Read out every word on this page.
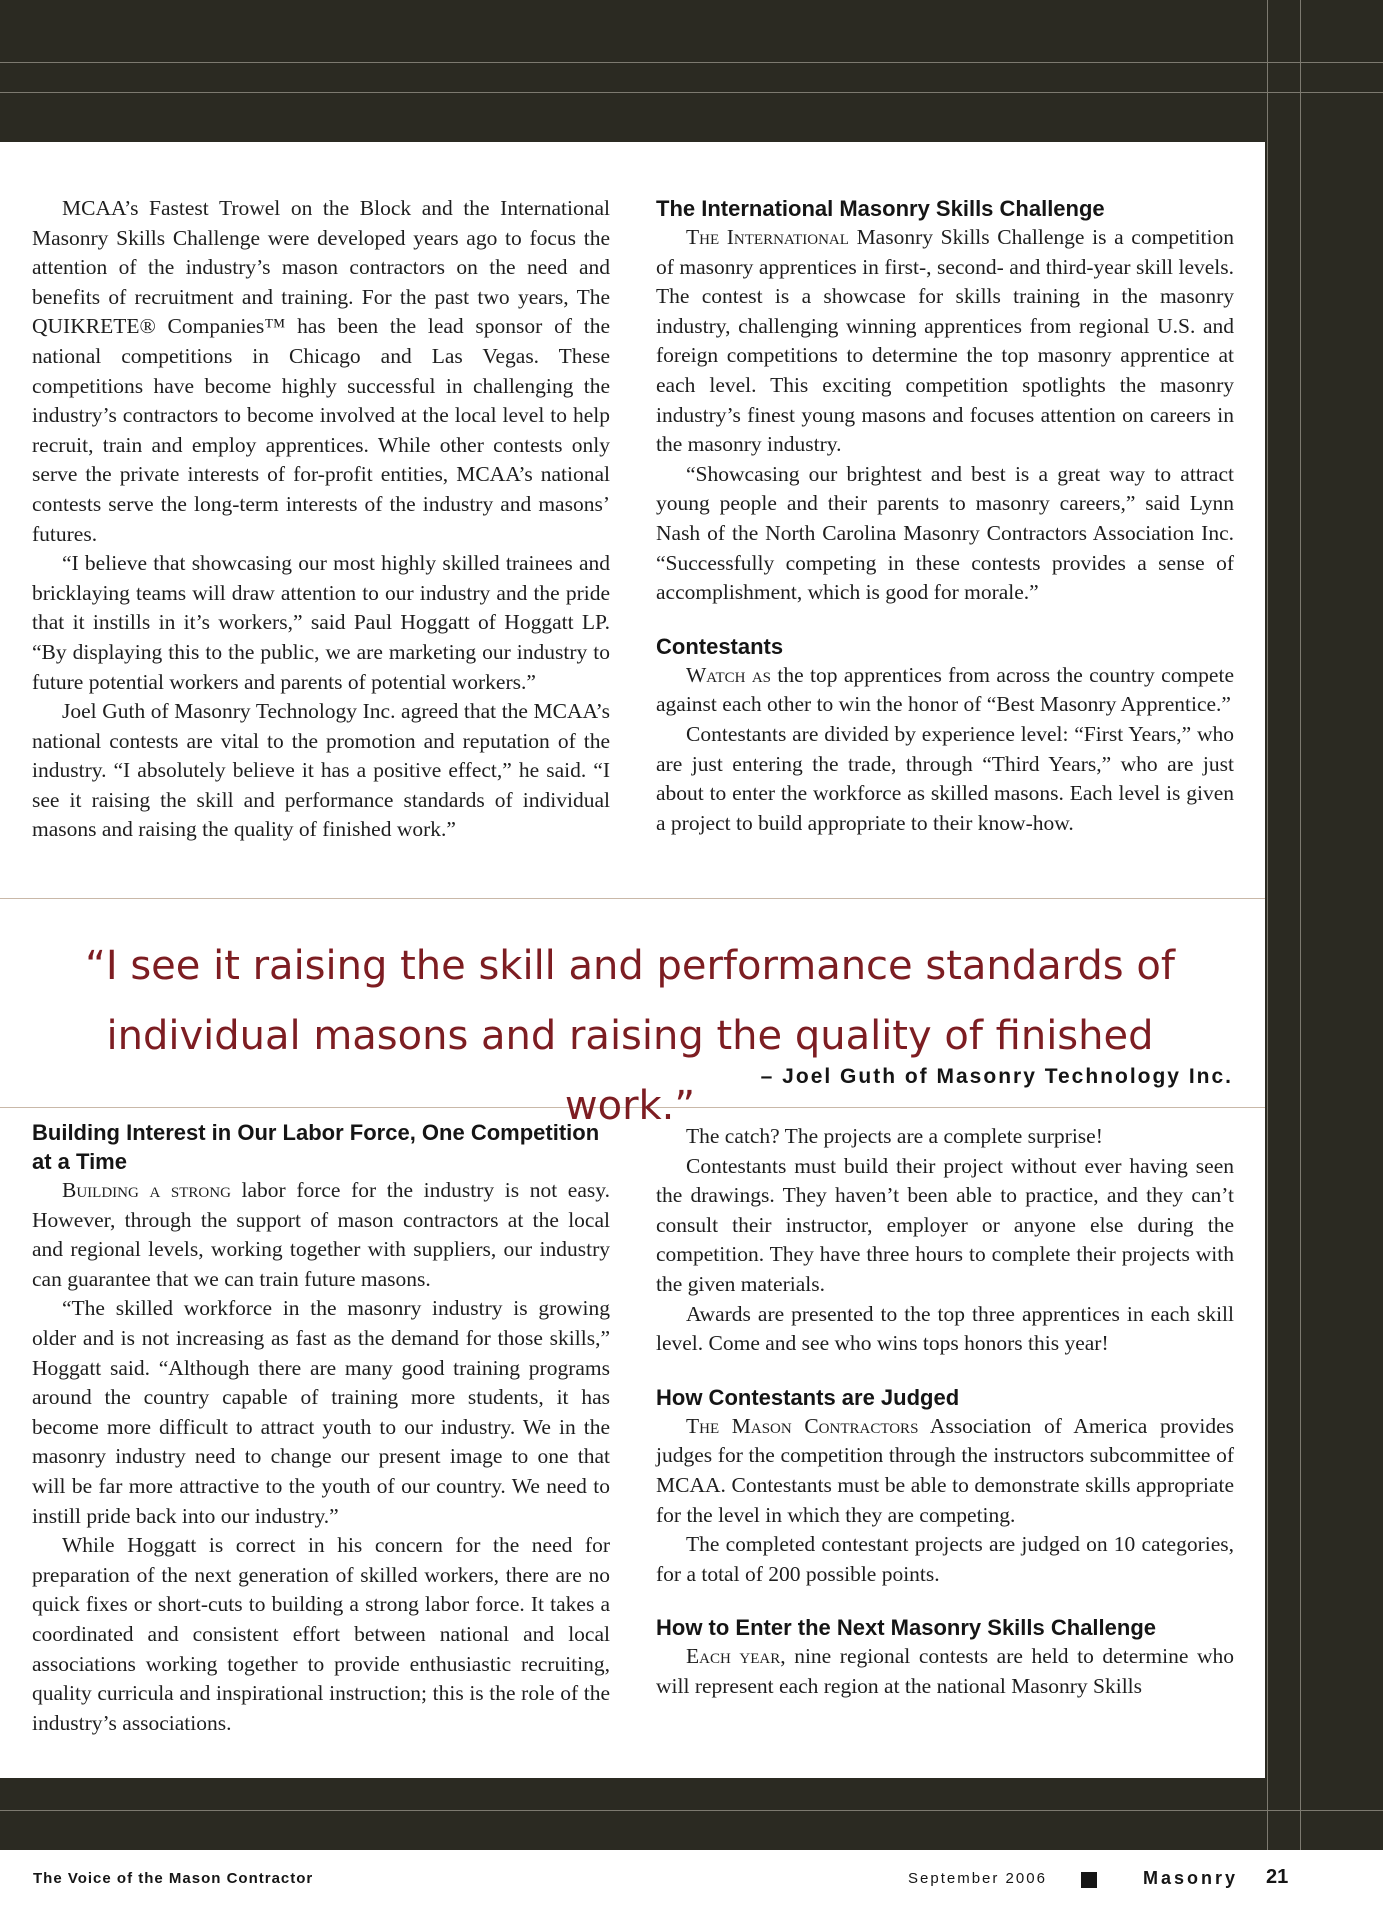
MCAA’s Fastest Trowel on the Block and the International Masonry Skills Challenge were developed years ago to focus the attention of the industry’s mason contractors on the need and benefits of recruitment and training. For the past two years, The QUIKRETE® Companies™ has been the lead sponsor of the national competitions in Chicago and Las Vegas. These competitions have become highly successful in challenging the industry’s contractors to become involved at the local level to help recruit, train and employ apprentices. While other contests only serve the private interests of for-profit entities, MCAA’s national contests serve the long-term interests of the industry and masons’ futures.

“I believe that showcasing our most highly skilled trainees and bricklaying teams will draw attention to our industry and the pride that it instills in it’s workers,” said Paul Hoggatt of Hoggatt LP. “By displaying this to the public, we are marketing our industry to future potential workers and parents of potential workers.”

Joel Guth of Masonry Technology Inc. agreed that the MCAA’s national contests are vital to the promotion and reputation of the industry. “I absolutely believe it has a positive effect,” he said. “I see it raising the skill and performance standards of individual masons and raising the quality of finished work.”

The International Masonry Skills Challenge

The International Masonry Skills Challenge is a competition of masonry apprentices in first-, second- and third-year skill levels. The contest is a showcase for skills training in the masonry industry, challenging winning apprentices from regional U.S. and foreign competitions to determine the top masonry apprentice at each level. This exciting competition spotlights the masonry industry’s finest young masons and focuses attention on careers in the masonry industry.

“Showcasing our brightest and best is a great way to attract young people and their parents to masonry careers,” said Lynn Nash of the North Carolina Masonry Contractors Association Inc. “Successfully competing in these contests provides a sense of accomplishment, which is good for morale.”

Contestants

Watch as the top apprentices from across the country compete against each other to win the honor of “Best Masonry Apprentice.”

Contestants are divided by experience level: “First Years,” who are just entering the trade, through “Third Years,” who are just about to enter the workforce as skilled masons. Each level is given a project to build appropriate to their know-how.

“I see it raising the skill and performance standards of individual masons and raising the quality of finished work.”
– Joel Guth of Masonry Technology Inc.
Building Interest in Our Labor Force, One Competition at a Time

Building a strong labor force for the industry is not easy. However, through the support of mason contractors at the local and regional levels, working together with suppliers, our industry can guarantee that we can train future masons.

“The skilled workforce in the masonry industry is growing older and is not increasing as fast as the demand for those skills,” Hoggatt said. “Although there are many good training programs around the country capable of training more students, it has become more difficult to attract youth to our industry. We in the masonry industry need to change our present image to one that will be far more attractive to the youth of our country. We need to instill pride back into our industry.”

While Hoggatt is correct in his concern for the need for preparation of the next generation of skilled workers, there are no quick fixes or short-cuts to building a strong labor force. It takes a coordinated and consistent effort between national and local associations working together to provide enthusiastic recruiting, quality curricula and inspirational instruction; this is the role of the industry’s associations.

The catch? The projects are a complete surprise!

Contestants must build their project without ever having seen the drawings. They haven’t been able to practice, and they can’t consult their instructor, employer or anyone else during the competition. They have three hours to complete their projects with the given materials.

Awards are presented to the top three apprentices in each skill level. Come and see who wins tops honors this year!

How Contestants are Judged

The Mason Contractors Association of America provides judges for the competition through the instructors subcommittee of MCAA. Contestants must be able to demonstrate skills appropriate for the level in which they are competing.

The completed contestant projects are judged on 10 categories, for a total of 200 possible points.

How to Enter the Next Masonry Skills Challenge

Each year, nine regional contests are held to determine who will represent each region at the national Masonry Skills

The Voice of the Mason Contractor	September 2006	Masonry 21
